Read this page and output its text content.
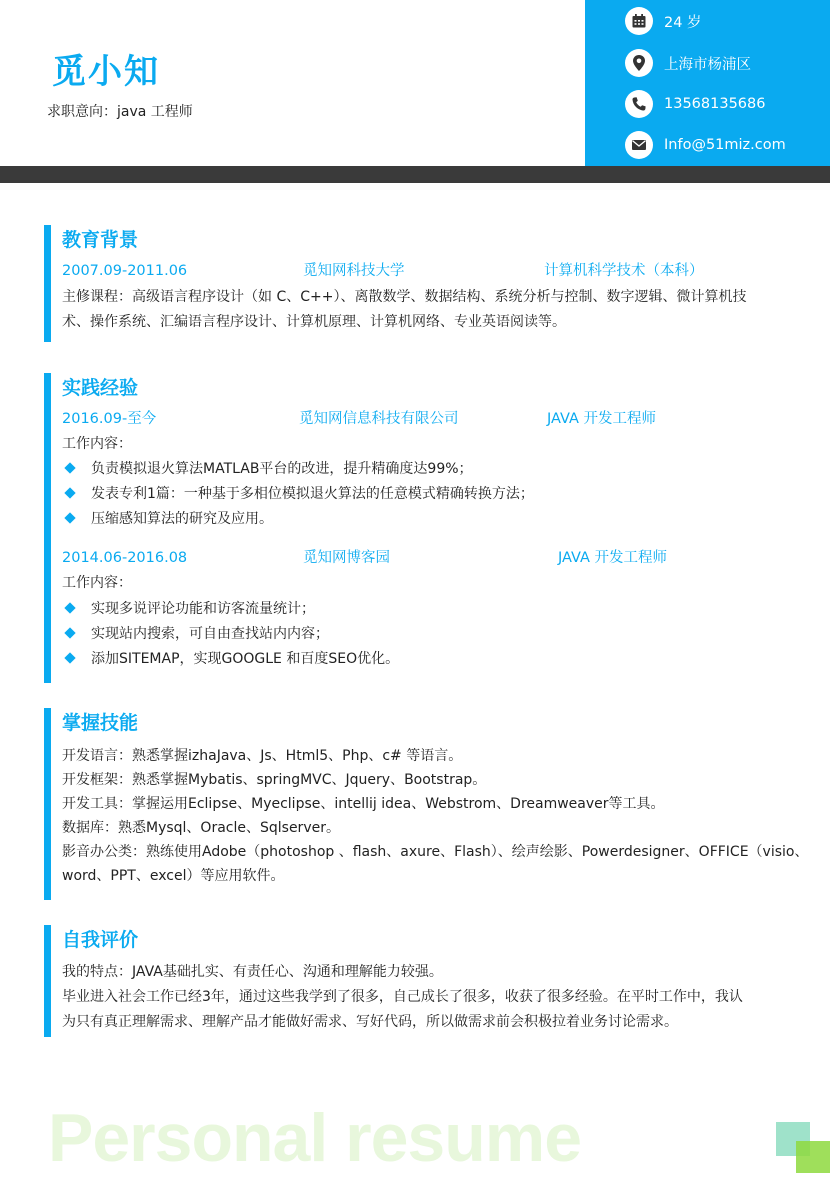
觅小知
求职意向：java 工程师
24 岁
上海市杨浦区
13568135686
Info@51miz.com
教育背景
2007.09-2011.06	觅知网科技大学	计算机科学技术（本科）
主修课程：高级语言程序设计（如 C、C++）、离散数学、数据结构、系统分析与控制、数字逻辑、微计算机技
术、操作系统、汇编语言程序设计、计算机原理、计算机网络、专业英语阅读等。
实践经验
2016.09-至今	觅知网信息科技有限公司	JAVA 开发工程师
工作内容：
负责模拟退火算法MATLAB平台的改进，提升精确度达99%；
发表专利1篇：一种基于多相位模拟退火算法的任意模式精确转换方法；
压缩感知算法的研究及应用。
2014.06-2016.08	觅知网博客园	JAVA 开发工程师
工作内容：
实现多说评论功能和访客流量统计；
实现站内搜索，可自由查找站内内容；
添加SITEMAP，实现GOOGLE 和百度SEO优化。
掌握技能
开发语言：熟悉掌握izhaJava、Js、Html5、Php、c# 等语言。
开发框架：熟悉掌握Mybatis、springMVC、Jquery、Bootstrap。
开发工具：掌握运用Eclipse、Myeclipse、intellij idea、Webstrom、Dreamweaver等工具。
数据库：熟悉Mysql、Oracle、Sqlserver。
影音办公类：熟练使用Adobe（photoshop 、flash、axure、Flash）、绘声绘影、Powerdesigner、OFFICE（visio、
word、PPT、excel）等应用软件。
自我评价
我的特点：JAVA基础扎实、有责任心、沟通和理解能力较强。
毕业进入社会工作已经3年，通过这些我学到了很多，自己成长了很多，收获了很多经验。在平时工作中，我认
为只有真正理解需求、理解产品才能做好需求、写好代码，所以做需求前会积极拉着业务讨论需求。
Personal resume
